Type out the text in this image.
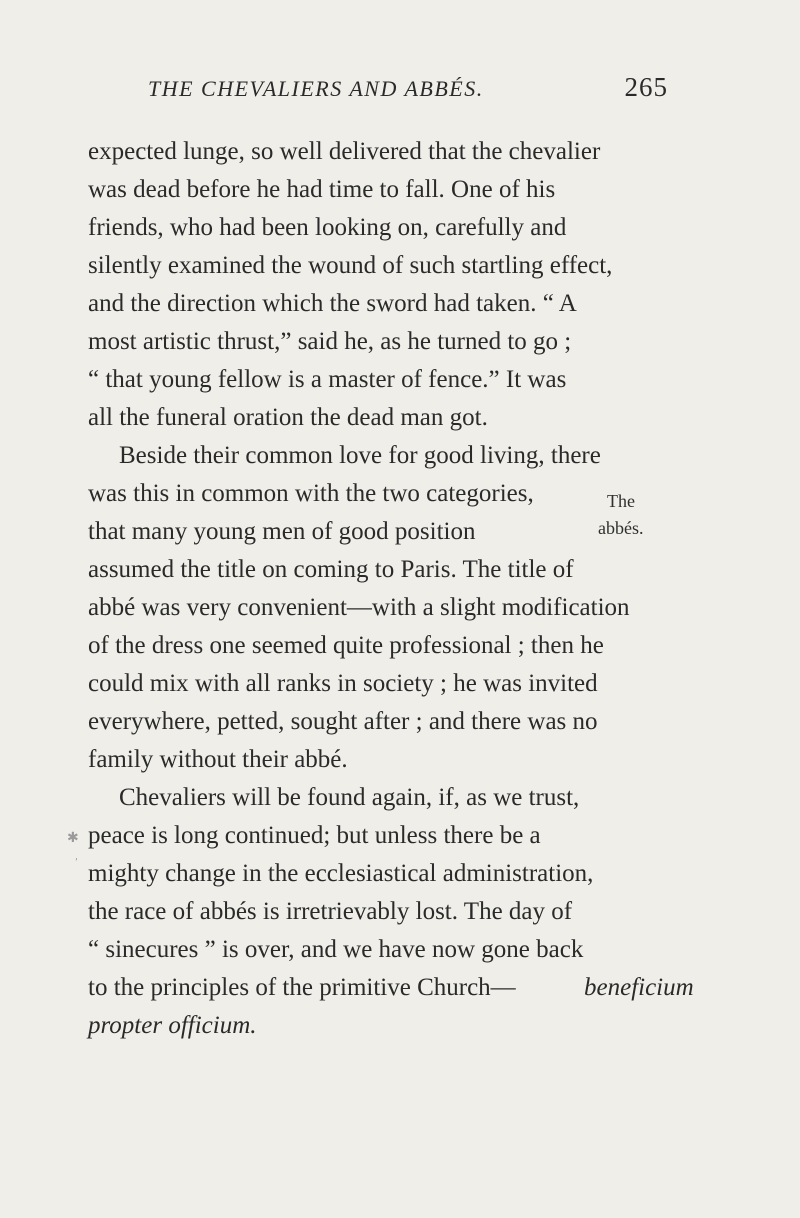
THE CHEVALIERS AND ABBÉS.	265
expected lunge, so well delivered that the chevalier
was dead before he had time to fall. One of his
friends, who had been looking on, carefully and
silently examined the wound of such startling effect,
and the direction which the sword had taken. “ A
most artistic thrust,” said he, as he turned to go ;
“ that young fellow is a master of fence.” It was
all the funeral oration the dead man got.
Beside their common love for good living, there
was this in common with the two categories,
that many young men of good position
assumed the title on coming to Paris. The title of
abbé was very convenient—with a slight modification
of the dress one seemed quite professional ; then he
could mix with all ranks in society ; he was invited
everywhere, petted, sought after ; and there was no
family without their abbé.
Chevaliers will be found again, if, as we trust,
peace is long continued; but unless there be a
mighty change in the ecclesiastical administration,
the race of abbés is irretrievably lost. The day of
“ sinecures ” is over, and we have now gone back
to the principles of the primitive Church—	beneficium
propter officium.
The
abbés.
✱
ʹ
